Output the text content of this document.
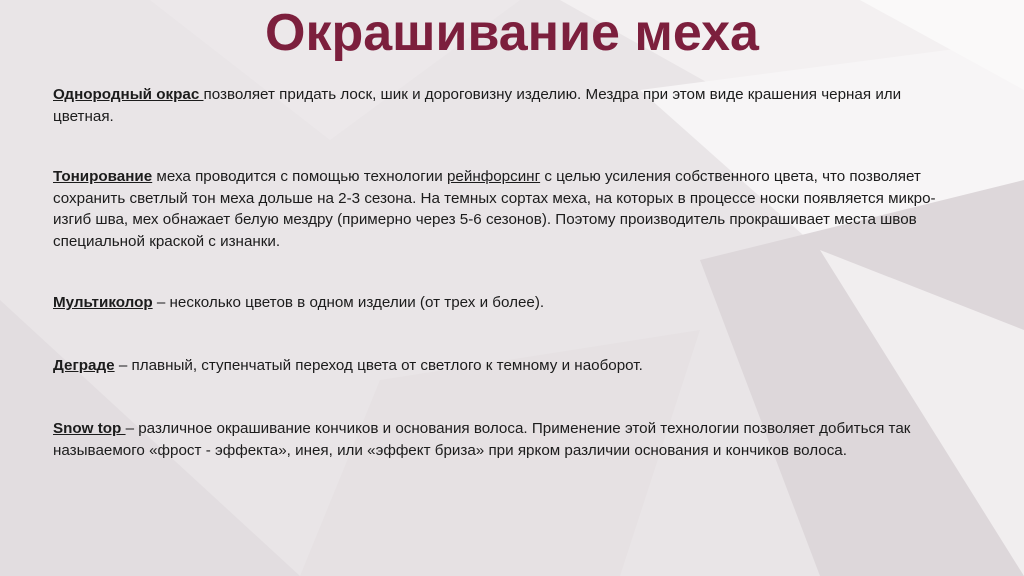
Окрашивание меха
Однородный окрас позволяет придать лоск, шик и дороговизну изделию. Мездра при этом виде крашения черная или цветная.
Тонирование меха проводится с помощью технологии рейнфорсинг с целью усиления собственного цвета, что позволяет сохранить светлый тон меха дольше на 2-3 сезона. На темных сортах меха, на которых в процессе носки появляется микро-изгиб шва, мех обнажает белую мездру (примерно через 5-6 сезонов). Поэтому производитель прокрашивает места швов специальной краской с изнанки.
Мультиколор – несколько цветов в одном изделии (от трех и более).
Деграде – плавный, ступенчатый переход цвета от светлого к темному и наоборот.
Snow top – различное окрашивание кончиков и основания волоса. Применение этой технологии позволяет добиться так называемого «фрост - эффекта», инея, или «эффект бриза» при ярком различии основания и кончиков волоса.
